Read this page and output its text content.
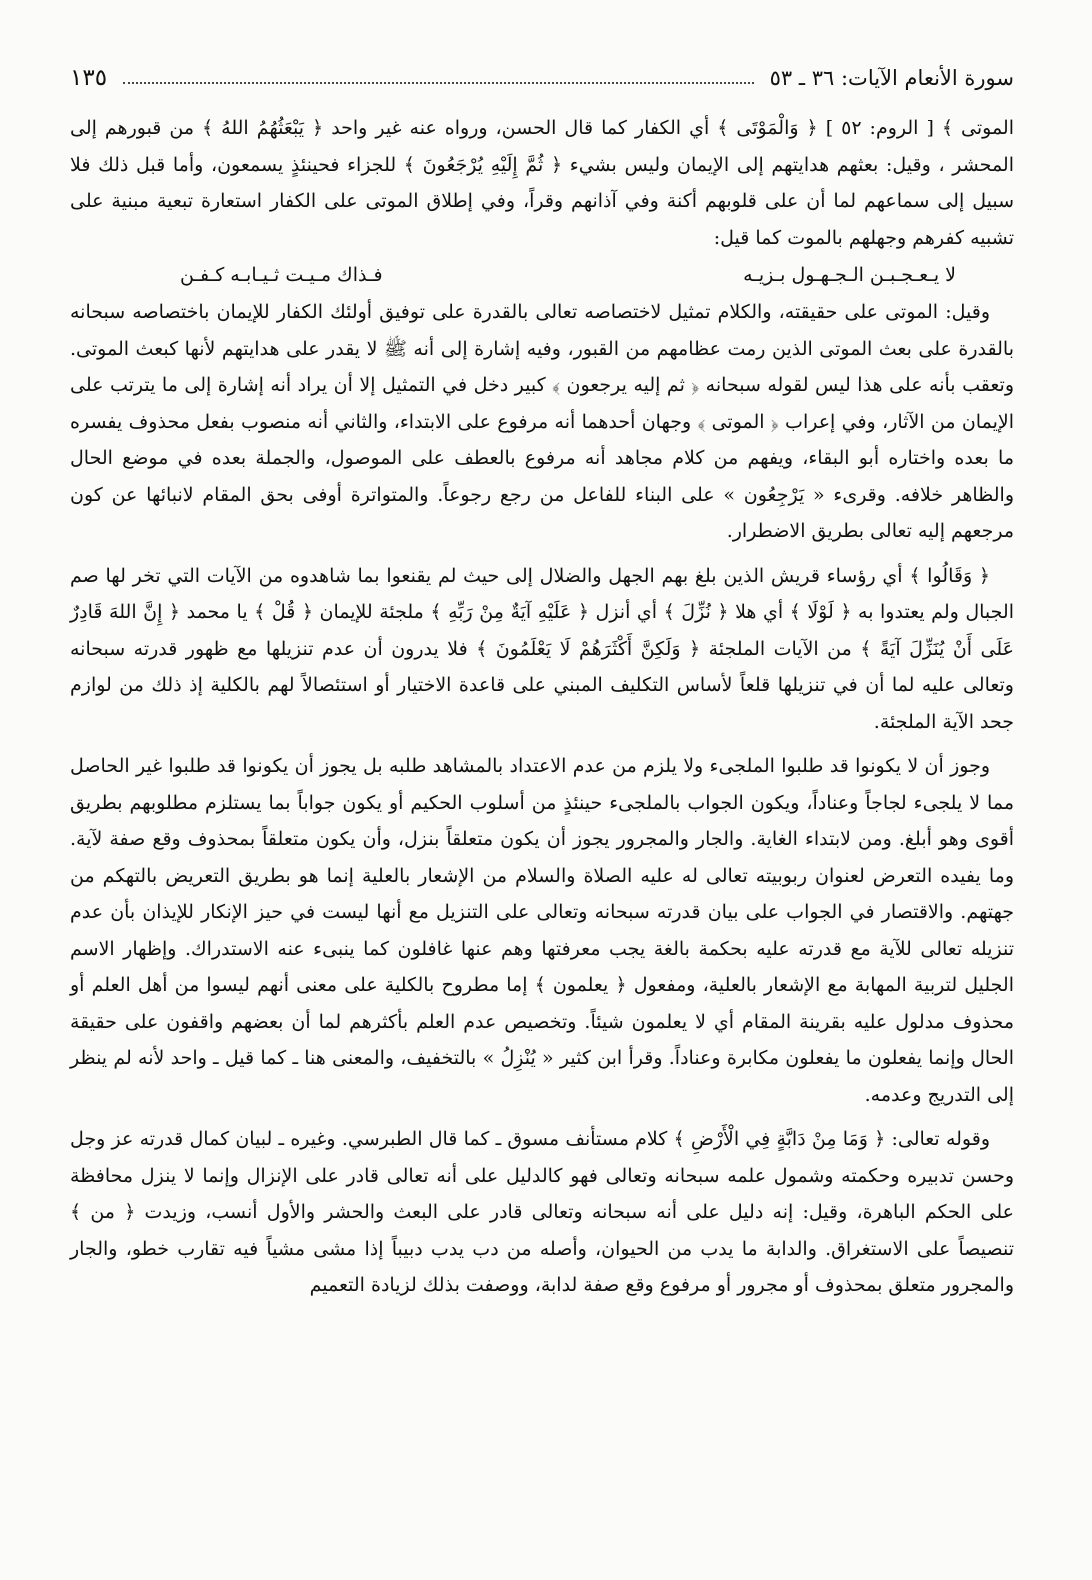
سورة الأنعام الآيات: ٣٦ ـ ٥٣
١٣٥

الموتى ﴾ [ الروم: ٥٢ ] ﴿ وَالْمَوْتَى ﴾ أي الكفار كما قال الحسن، ورواه عنه غير واحد ﴿ يَبْعَثُهُمُ اللهُ ﴾ من قبورهم إلى المحشر ، وقيل: بعثهم هدايتهم إلى الإيمان وليس بشيء ﴿ ثُمَّ إِلَيْهِ يُرْجَعُونَ ﴾ للجزاء فحينئذٍ يسمعون، وأما قبل ذلك فلا سبيل إلى سماعهم لما أن على قلوبهم أكنة وفي آذانهم وقراً، وفي إطلاق الموتى على الكفار استعارة تبعية مبنية على تشبيه كفرهم وجهلهم بالموت كما قيل:

لا يـعـجـبـن الـجـهـول بـزيـه
فـذاك مـيـت ثـيـابـه كـفـن

وقيل: الموتى على حقيقته، والكلام تمثيل لاختصاصه تعالى بالقدرة على توفيق أولئك الكفار للإيمان باختصاصه سبحانه بالقدرة على بعث الموتى الذين رمت عظامهم من القبور، وفيه إشارة إلى أنه ﷺ لا يقدر على هدايتهم لأنها كبعث الموتى. وتعقب بأنه على هذا ليس لقوله سبحانه ﴿ ثم إليه يرجعون ﴾ كبير دخل في التمثيل إلا أن يراد أنه إشارة إلى ما يترتب على الإيمان من الآثار، وفي إعراب ﴿ الموتى ﴾ وجهان أحدهما أنه مرفوع على الابتداء، والثاني أنه منصوب بفعل محذوف يفسره ما بعده واختاره أبو البقاء، ويفهم من كلام مجاهد أنه مرفوع بالعطف على الموصول، والجملة بعده في موضع الحال والظاهر خلافه. وقرىء « يَرْجِعُون » على البناء للفاعل من رجع رجوعاً. والمتواترة أوفى بحق المقام لانبائها عن كون مرجعهم إليه تعالى بطريق الاضطرار.

﴿ وَقَالُوا ﴾ أي رؤساء قريش الذين بلغ بهم الجهل والضلال إلى حيث لم يقنعوا بما شاهدوه من الآيات التي تخر لها صم الجبال ولم يعتدوا به ﴿ لَوْلَا ﴾ أي هلا ﴿ نُزِّلَ ﴾ أي أنزل ﴿ عَلَيْهِ آيَةٌ مِنْ رَبِّهِ ﴾ ملجئة للإيمان ﴿ قُلْ ﴾ يا محمد ﴿ إِنَّ اللهَ قَادِرٌ عَلَى أَنْ يُنَزِّلَ آيَةً ﴾ من الآيات الملجئة ﴿ وَلَكِنَّ أَكْثَرَهُمْ لَا يَعْلَمُونَ ﴾ فلا يدرون أن عدم تنزيلها مع ظهور قدرته سبحانه وتعالى عليه لما أن في تنزيلها قلعاً لأساس التكليف المبني على قاعدة الاختيار أو استئصالاً لهم بالكلية إذ ذلك من لوازم جحد الآية الملجئة.

وجوز أن لا يكونوا قد طلبوا الملجىء ولا يلزم من عدم الاعتداد بالمشاهد طلبه بل يجوز أن يكونوا قد طلبوا غير الحاصل مما لا يلجىء لجاجاً وعناداً، ويكون الجواب بالملجىء حينئذٍ من أسلوب الحكيم أو يكون جواباً بما يستلزم مطلوبهم بطريق أقوى وهو أبلغ. ومن لابتداء الغاية. والجار والمجرور يجوز أن يكون متعلقاً بنزل، وأن يكون متعلقاً بمحذوف وقع صفة لآية. وما يفيده التعرض لعنوان ربوبيته تعالى له عليه الصلاة والسلام من الإشعار بالعلية إنما هو بطريق التعريض بالتهكم من جهتهم. والاقتصار في الجواب على بيان قدرته سبحانه وتعالى على التنزيل مع أنها ليست في حيز الإنكار للإيذان بأن عدم تنزيله تعالى للآية مع قدرته عليه بحكمة بالغة يجب معرفتها وهم عنها غافلون كما ينبىء عنه الاستدراك. وإظهار الاسم الجليل لتربية المهابة مع الإشعار بالعلية، ومفعول ﴿ يعلمون ﴾ إما مطروح بالكلية على معنى أنهم ليسوا من أهل العلم أو محذوف مدلول عليه بقرينة المقام أي لا يعلمون شيئاً. وتخصيص عدم العلم بأكثرهم لما أن بعضهم واقفون على حقيقة الحال وإنما يفعلون ما يفعلون مكابرة وعناداً. وقرأ ابن كثير « يُنْزِلُ » بالتخفيف، والمعنى هنا ـ كما قيل ـ واحد لأنه لم ينظر إلى التدريج وعدمه.

وقوله تعالى: ﴿ وَمَا مِنْ دَابَّةٍ فِي الْأَرْضِ ﴾ كلام مستأنف مسوق ـ كما قال الطبرسي. وغيره ـ لبيان كمال قدرته عز وجل وحسن تدبيره وحكمته وشمول علمه سبحانه وتعالى فهو كالدليل على أنه تعالى قادر على الإنزال وإنما لا ينزل محافظة على الحكم الباهرة، وقيل: إنه دليل على أنه سبحانه وتعالى قادر على البعث والحشر والأول أنسب، وزيدت ﴿ من ﴾ تنصيصاً على الاستغراق. والدابة ما يدب من الحيوان، وأصله من دب يدب دبيباً إذا مشى مشياً فيه تقارب خطو، والجار والمجرور متعلق بمحذوف أو مجرور أو مرفوع وقع صفة لدابة، ووصفت بذلك لزيادة التعميم
